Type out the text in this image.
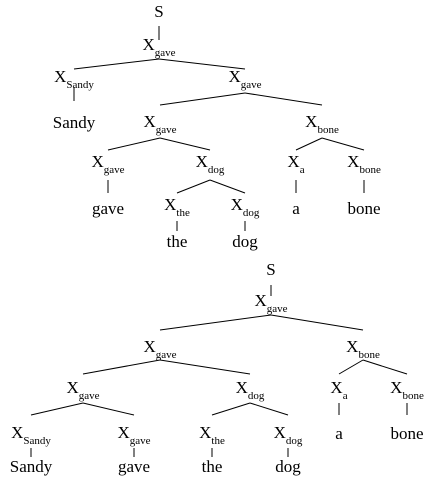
S
$X_{gave}$
$X_{Sandy}$
Sandy
$X_{gave}$
$X_{gave}$	$X_{bone}$
$X_{gave}$	$X_{dog}$	$X_a$	$X_{bone}$
gave $X_{the}$ $X_{dog}$ a	bone
the	dog
S
$X_{gave}$
$X_{gave}$	$X_{bone}$
$X_{gave}$	$X_{dog}$	$X_a$	$X_{bone}$
$X_{Sandy}$	$X_{gave}$	$X_{the}$	$X_{dog}$ a	bone
Sandy	gave	the	dog
